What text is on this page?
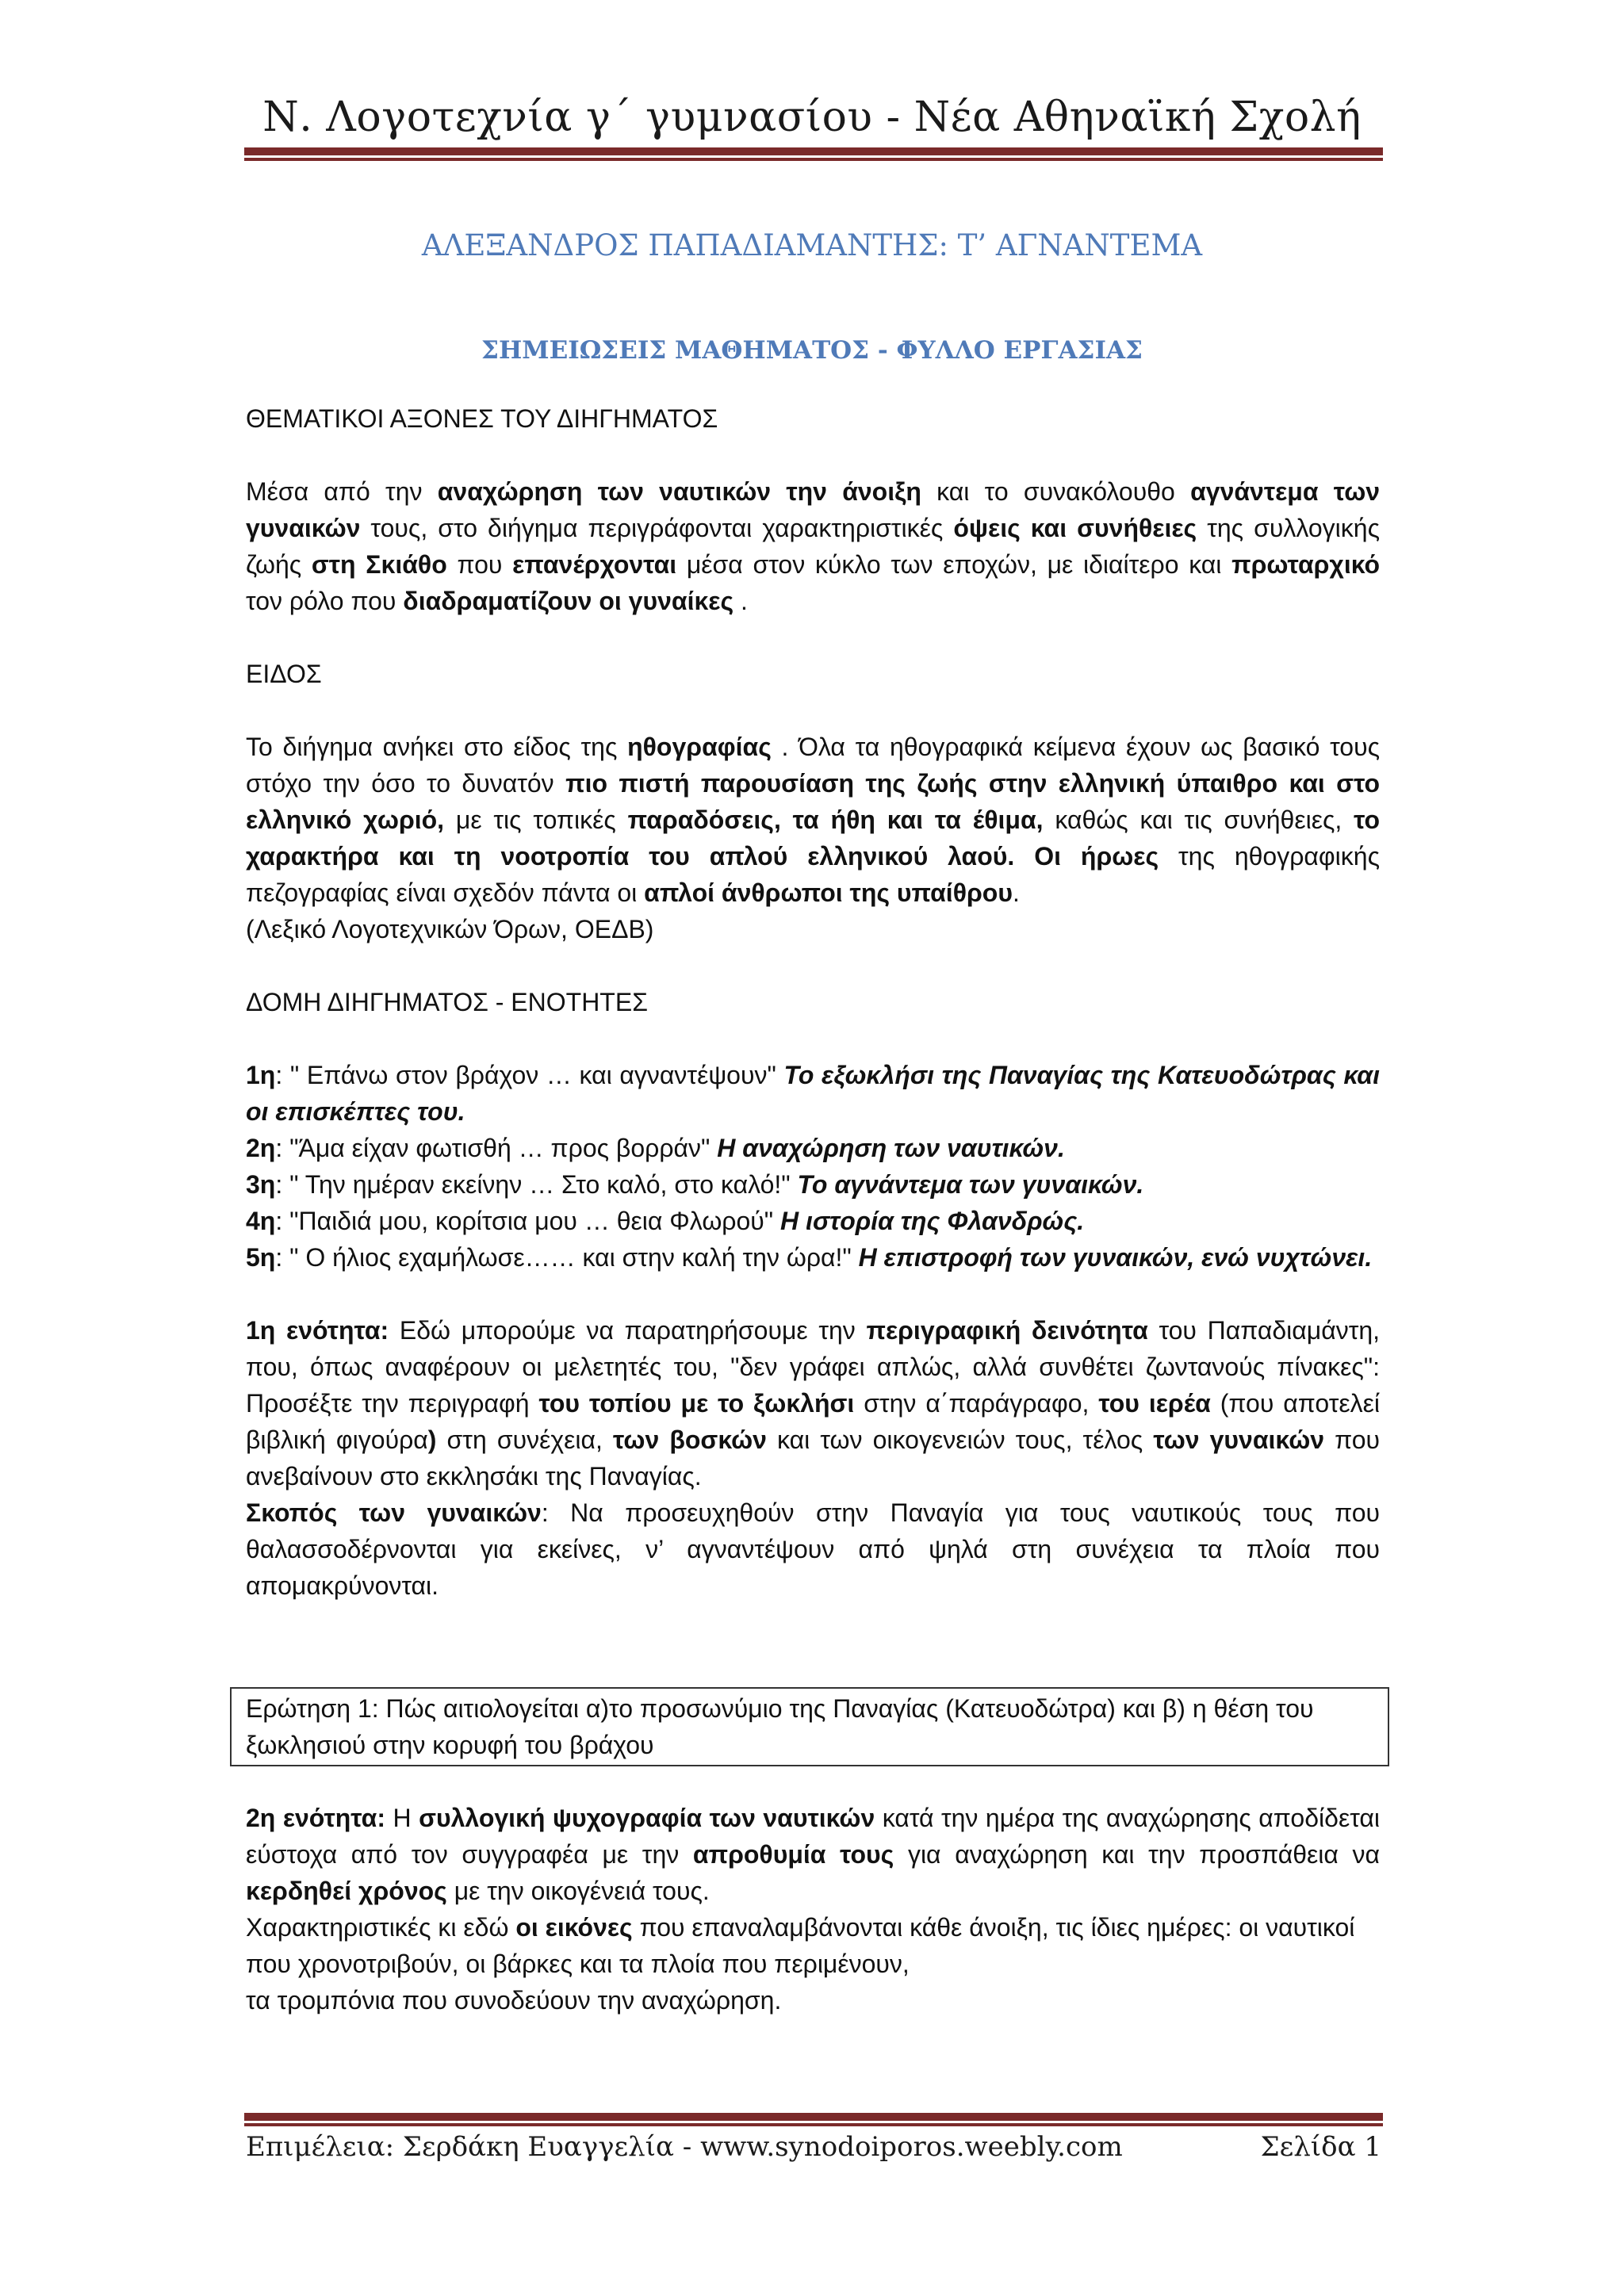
Ν. Λογοτεχνία γ΄ γυμνασίου - Νέα Αθηναϊκή Σχολή
ΑΛΕΞΑΝΔΡΟΣ ΠΑΠΑΔΙΑΜΑΝΤΗΣ: Τ’ ΑΓΝΑΝΤΕΜΑ
ΣΗΜΕΙΩΣΕΙΣ ΜΑΘΗΜΑΤΟΣ - ΦΥΛΛΟ ΕΡΓΑΣΙΑΣ

ΘΕΜΑΤΙΚΟΙ ΑΞΟΝΕΣ ΤΟΥ ΔΙΗΓΗΜΑΤΟΣ

Μέσα από την αναχώρηση των ναυτικών την άνοιξη και το συνακόλουθο αγνάντεμα των γυναικών τους, στο διήγημα περιγράφονται χαρακτηριστικές όψεις και συνήθειες της συλλογικής ζωής στη Σκιάθο που επανέρχονται μέσα στον κύκλο των εποχών, με ιδιαίτερο και πρωταρχικό τον ρόλο που διαδραματίζουν οι γυναίκες .

ΕΙΔΟΣ

Το διήγημα ανήκει στο είδος της ηθογραφίας . Όλα τα ηθογραφικά κείμενα έχουν ως βασικό τους στόχο την όσο το δυνατόν πιο πιστή παρουσίαση της ζωής στην ελληνική ύπαιθρο και στο ελληνικό χωριό, με τις τοπικές παραδόσεις, τα ήθη και τα έθιμα, καθώς και τις συνήθειες, το χαρακτήρα και τη νοοτροπία του απλού ελληνικού λαού. Οι ήρωες της ηθογραφικής πεζογραφίας είναι σχεδόν πάντα οι απλοί άνθρωποι της υπαίθρου.

(Λεξικό Λογοτεχνικών Όρων, ΟΕΔΒ)

ΔΟΜΗ ΔΙΗΓΗΜΑΤΟΣ - ΕΝΟΤΗΤΕΣ

1η: " Επάνω στον βράχον … και αγναντέψουν" Το εξωκλήσι της Παναγίας της Κατευοδώτρας και οι επισκέπτες του.

2η: "Άμα είχαν φωτισθή … προς βορράν" Η αναχώρηση των ναυτικών.

3η: " Την ημέραν εκείνην … Στο καλό, στο καλό!" Το αγνάντεμα των γυναικών.

4η: "Παιδιά μου, κορίτσια μου … θεια Φλωρού" Η ιστορία της Φλανδρώς.

5η: " Ο ήλιος εχαμήλωσε…… και στην καλή την ώρα!" Η επιστροφή των γυναικών, ενώ νυχτώνει.

1η ενότητα: Εδώ μπορούμε να παρατηρήσουμε την περιγραφική δεινότητα του Παπαδιαμάντη, που, όπως αναφέρουν οι μελετητές του, "δεν γράφει απλώς, αλλά συνθέτει ζωντανούς πίνακες": Προσέξτε την περιγραφή του τοπίου με το ξωκλήσι στην α΄παράγραφο, του ιερέα (που αποτελεί βιβλική φιγούρα) στη συνέχεια, των βοσκών και των οικογενειών τους, τέλος των γυναικών που ανεβαίνουν στο εκκλησάκι της Παναγίας.

Σκοπός των γυναικών: Να προσευχηθούν στην Παναγία για τους ναυτικούς τους που θαλασσοδέρνονται για εκείνες, ν’ αγναντέψουν από ψηλά στη συνέχεια τα πλοία που απομακρύνονται.

Ερώτηση 1: Πώς αιτιολογείται α)το προσωνύμιο της Παναγίας (Κατευοδώτρα) και β) η θέση του ξωκλησιού στην κορυφή του βράχου

2η ενότητα: Η συλλογική ψυχογραφία των ναυτικών κατά την ημέρα της αναχώρησης αποδίδεται εύστοχα από τον συγγραφέα με την απροθυμία τους για αναχώρηση και την προσπάθεια να κερδηθεί χρόνος με την οικογένειά τους.

Χαρακτηριστικές κι εδώ οι εικόνες που επαναλαμβάνονται κάθε άνοιξη, τις ίδιες ημέρες: οι ναυτικοί που χρονοτριβούν, οι βάρκες και τα πλοία που περιμένουν,

τα τρομπόνια που συνοδεύουν την αναχώρηση.

Επιμέλεια: Σερδάκη Ευαγγελία - www.synodoiporos.weebly.com	Σελίδα 1
